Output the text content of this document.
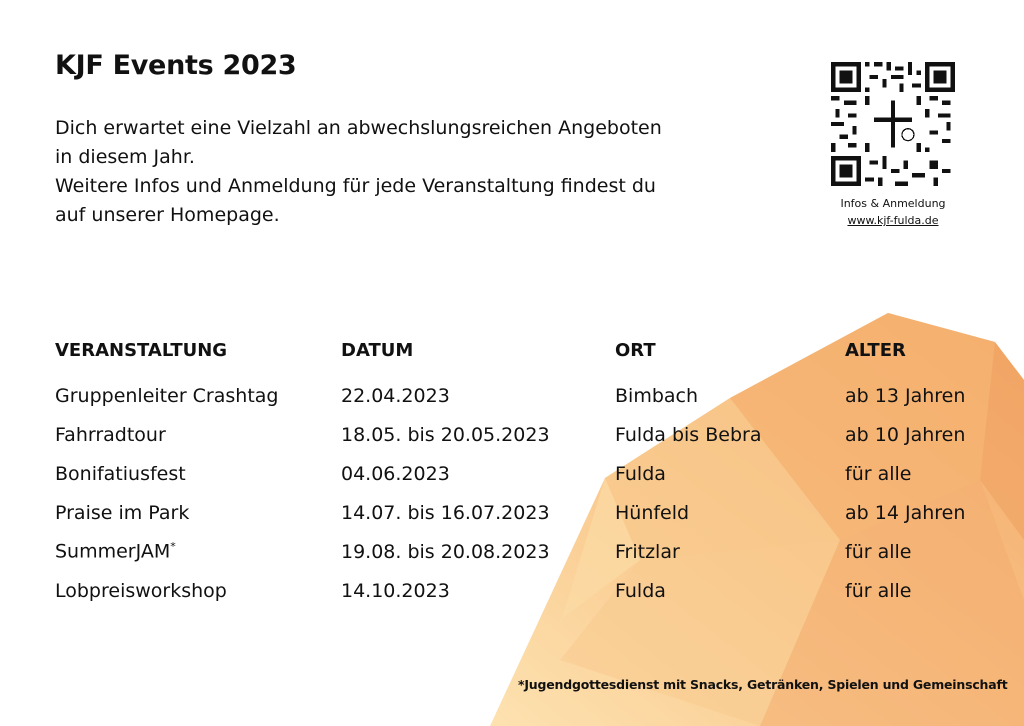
KJF Events 2023

Dich erwartet eine Vielzahl an abwechslungsreichen Angeboten

in diesem Jahr.

Weitere Infos und Anmeldung für jede Veranstaltung findest du

auf unserer Homepage.

Infos & Anmeldung
www.kjf-fulda.de
VERANSTALTUNG	DATUM	ORT	ALTER
Gruppenleiter Crashtag	22.04.2023	Bimbach	ab 13 Jahren
Fahrradtour	18.05. bis 20.05.2023	Fulda bis Bebra	ab 10 Jahren
Bonifatiusfest	04.06.2023	Fulda	für alle
Praise im Park	14.07. bis 16.07.2023	Hünfeld	ab 14 Jahren
SummerJAM*	19.08. bis 20.08.2023	Fritzlar	für alle
Lobpreisworkshop	14.10.2023	Fulda	für alle
*Jugendgottesdienst mit Snacks, Getränken, Spielen und Gemeinschaft
